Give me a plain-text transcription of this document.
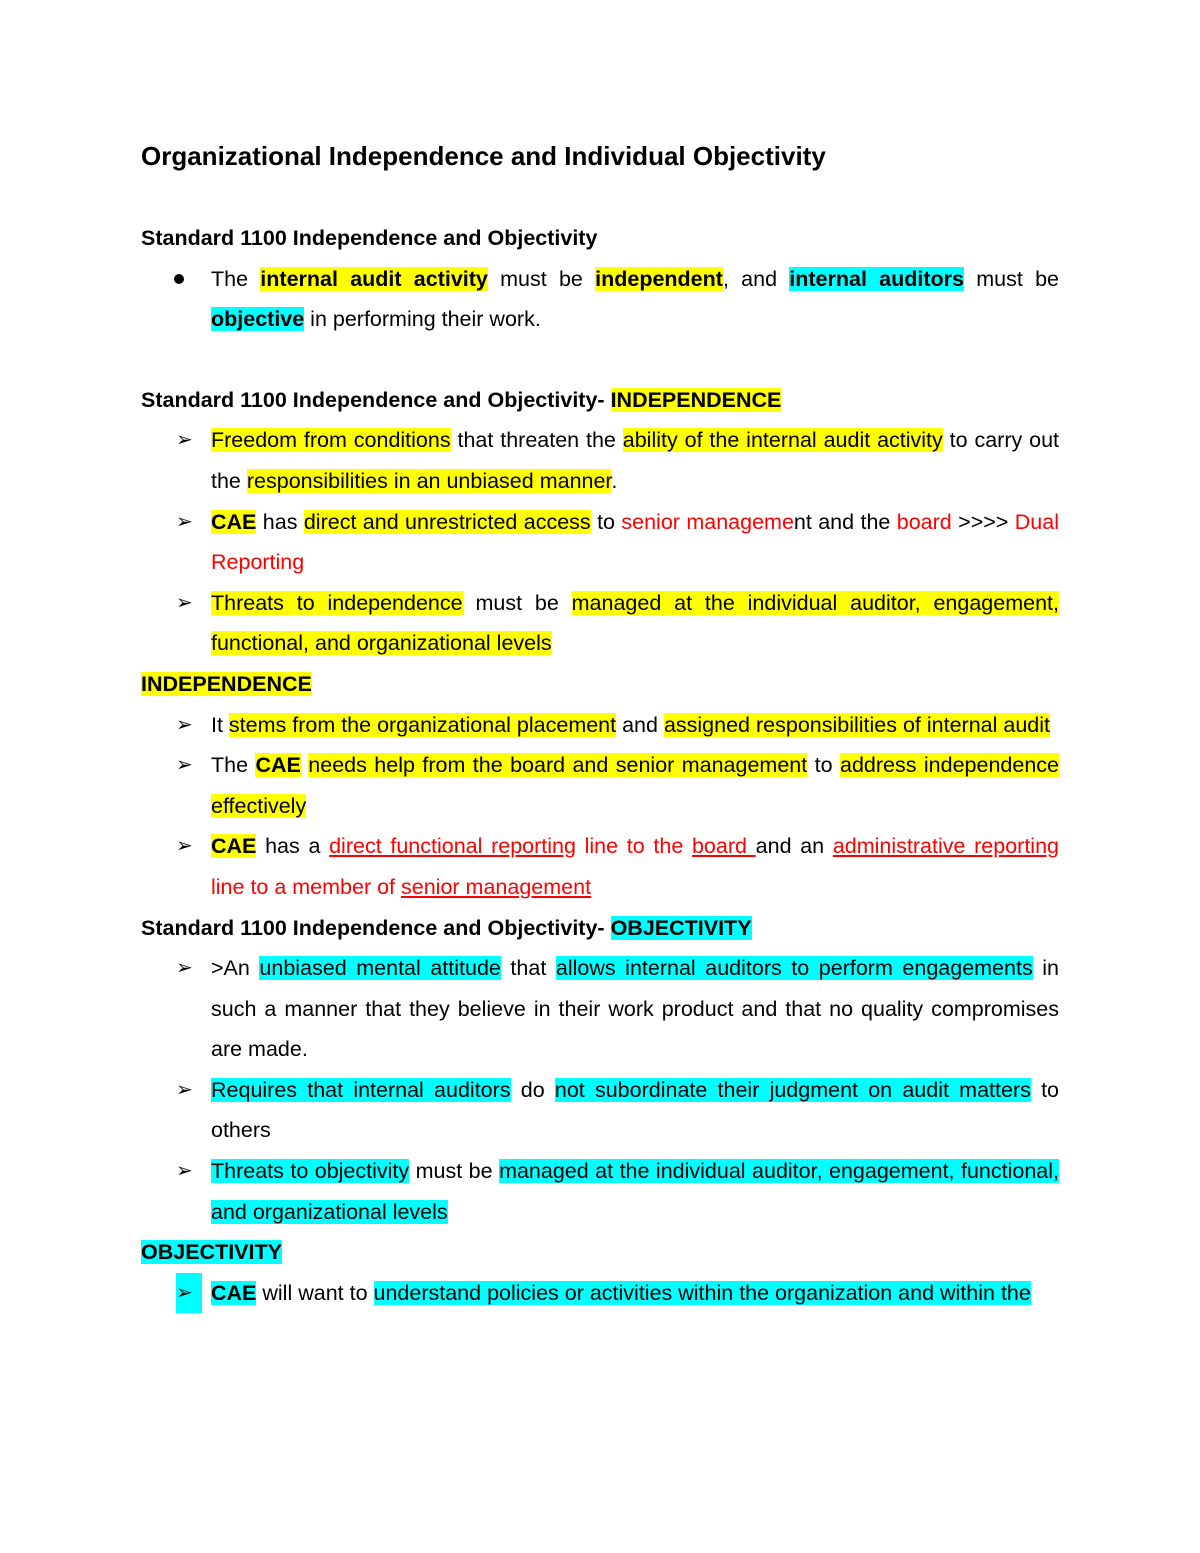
Organizational Independence and Individual Objectivity

Standard 1100 Independence and Objectivity

The internal audit activity must be independent, and internal auditors must be objective in performing their work.

Standard 1100 Independence and Objectivity- INDEPENDENCE

➢ Freedom from conditions that threaten the ability of the internal audit activity to carry out the responsibilities in an unbiased manner.
➢ CAE has direct and unrestricted access to senior management and the board >>>> Dual Reporting
➢ Threats to independence must be managed at the individual auditor, engagement, functional, and organizational levels

INDEPENDENCE

➢ It stems from the organizational placement and assigned responsibilities of internal audit
➢ The CAE needs help from the board and senior management to address independence effectively
➢ CAE has a direct functional reporting line to the board and an administrative reporting line to a member of senior management

Standard 1100 Independence and Objectivity- OBJECTIVITY

➢ >An unbiased mental attitude that allows internal auditors to perform engagements in such a manner that they believe in their work product and that no quality compromises are made.
➢ Requires that internal auditors do not subordinate their judgment on audit matters to others
➢ Threats to objectivity must be managed at the individual auditor, engagement, functional, and organizational levels

OBJECTIVITY

➢ CAE will want to understand policies or activities within the organization and within the
